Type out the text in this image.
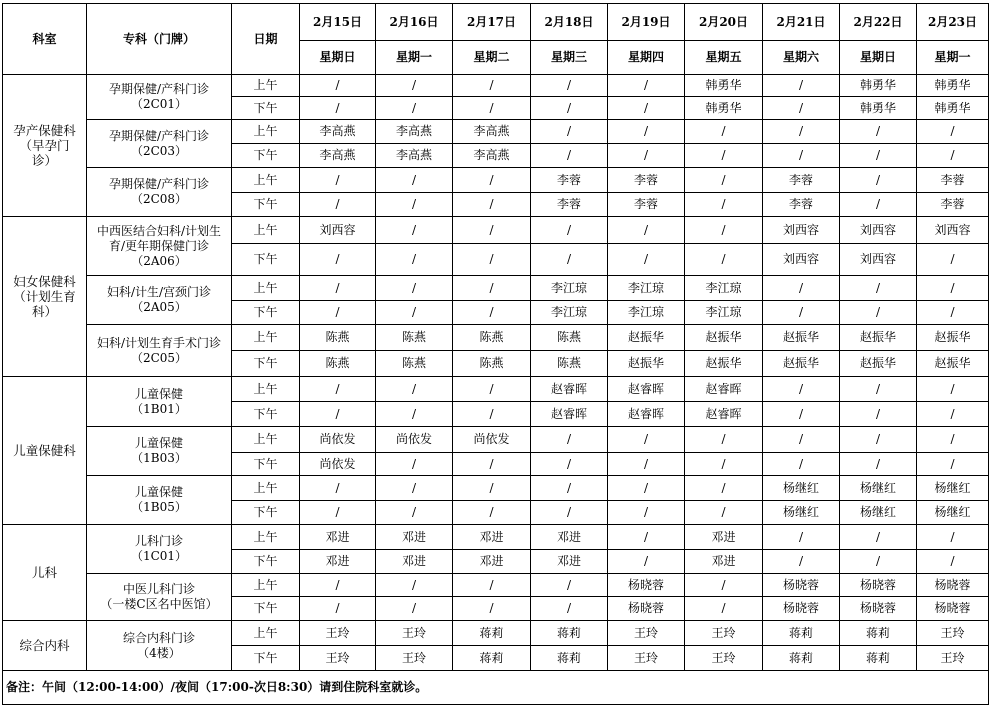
科室	专科（门牌）	日期	2月15日	2月16日	2月17日	2月18日	2月19日	2月20日	2月21日	2月22日	2月23日
			星期日	星期一	星期二	星期三	星期四	星期五	星期六	星期日	星期一

孕产保健科
（早孕门
诊）	孕期保健/产科门诊
（2C01）	上午	/	/	/	/	/	韩勇华	/	韩勇华	韩勇华
		下午	/	/	/	/	/	韩勇华	/	韩勇华	韩勇华

	孕期保健/产科门诊
（2C03）	上午	李高燕	李高燕	李高燕	/	/	/	/	/	/
		下午	李高燕	李高燕	李高燕	/	/	/	/	/	/

	孕期保健/产科门诊
（2C08）	上午	/	/	/	李蓉	李蓉	/	李蓉	/	李蓉
		下午	/	/	/	李蓉	李蓉	/	李蓉	/	李蓉

妇女保健科
（计划生育
科）	中西医结合妇科/计划生
育/更年期保健门诊
（2A06）	上午	刘西容	/	/	/	/	/	刘西容	刘西容	刘西容
		下午	/	/	/	/	/	/	刘西容	刘西容	/

	妇科/计生/宫颈门诊
（2A05）	上午	/	/	/	李江琼	李江琼	李江琼	/	/	/
		下午	/	/	/	李江琼	李江琼	李江琼	/	/	/

	妇科/计划生育手术门诊
（2C05）	上午	陈燕	陈燕	陈燕	陈燕	赵振华	赵振华	赵振华	赵振华	赵振华
		下午	陈燕	陈燕	陈燕	陈燕	赵振华	赵振华	赵振华	赵振华	赵振华

儿童保健科	儿童保健
（1B01）	上午	/	/	/	赵睿晖	赵睿晖	赵睿晖	/	/	/
		下午	/	/	/	赵睿晖	赵睿晖	赵睿晖	/	/	/

	儿童保健
（1B03）	上午	尚依发	尚依发	尚依发	/	/	/	/	/	/
		下午	尚依发	/	/	/	/	/	/	/	/

	儿童保健
（1B05）	上午	/	/	/	/	/	/	杨继红	杨继红	杨继红
		下午	/	/	/	/	/	/	杨继红	杨继红	杨继红

儿科	儿科门诊
（1C01）	上午	邓进	邓进	邓进	邓进	/	邓进	/	/	/
		下午	邓进	邓进	邓进	邓进	/	邓进	/	/	/

	中医儿科门诊
（一楼C区名中医馆）	上午	/	/	/	/	杨晓蓉	/	杨晓蓉	杨晓蓉	杨晓蓉
		下午	/	/	/	/	杨晓蓉	/	杨晓蓉	杨晓蓉	杨晓蓉

综合内科	综合内科门诊
（4楼）	上午	王玲	王玲	蒋莉	蒋莉	王玲	王玲	蒋莉	蒋莉	王玲
		下午	王玲	王玲	蒋莉	蒋莉	王玲	王玲	蒋莉	蒋莉	王玲
备注：午间（12:00-14:00）/夜间（17:00-次日8:30）请到住院科室就诊。
